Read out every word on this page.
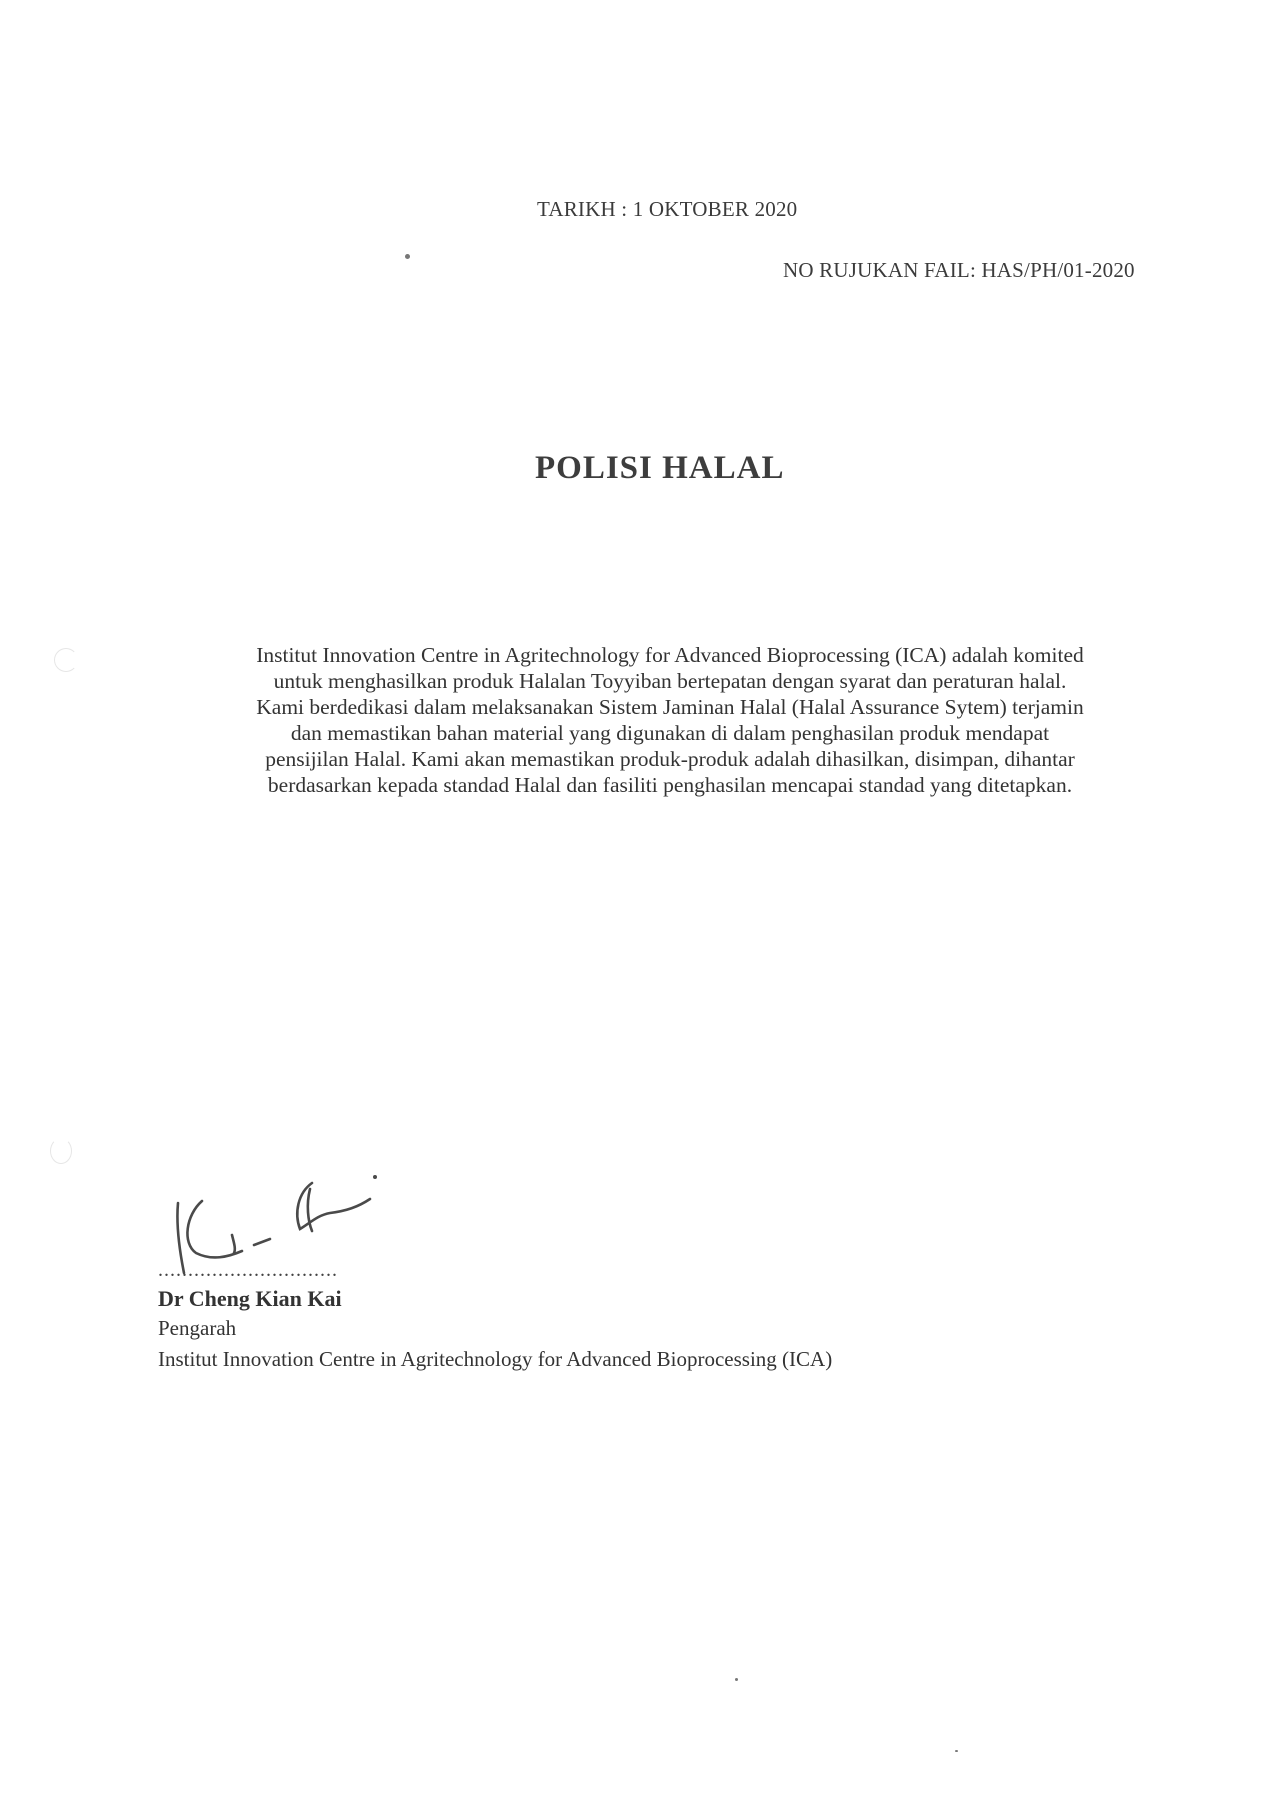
TARIKH : 1 OKTOBER 2020
NO RUJUKAN FAIL: HAS/PH/01-2020
POLISI HALAL
Institut Innovation Centre in Agritechnology for Advanced Bioprocessing (ICA) adalah komited
untuk menghasilkan produk Halalan Toyyiban bertepatan dengan syarat dan peraturan halal.
Kami berdedikasi dalam melaksanakan Sistem Jaminan Halal (Halal Assurance Sytem) terjamin
dan memastikan bahan material yang digunakan di dalam penghasilan produk mendapat
pensijilan Halal. Kami akan memastikan produk-produk adalah dihasilkan, disimpan, dihantar
berdasarkan kepada standad Halal dan fasiliti penghasilan mencapai standad yang ditetapkan.
..............................
Dr Cheng Kian Kai
Pengarah
Institut Innovation Centre in Agritechnology for Advanced Bioprocessing (ICA)
